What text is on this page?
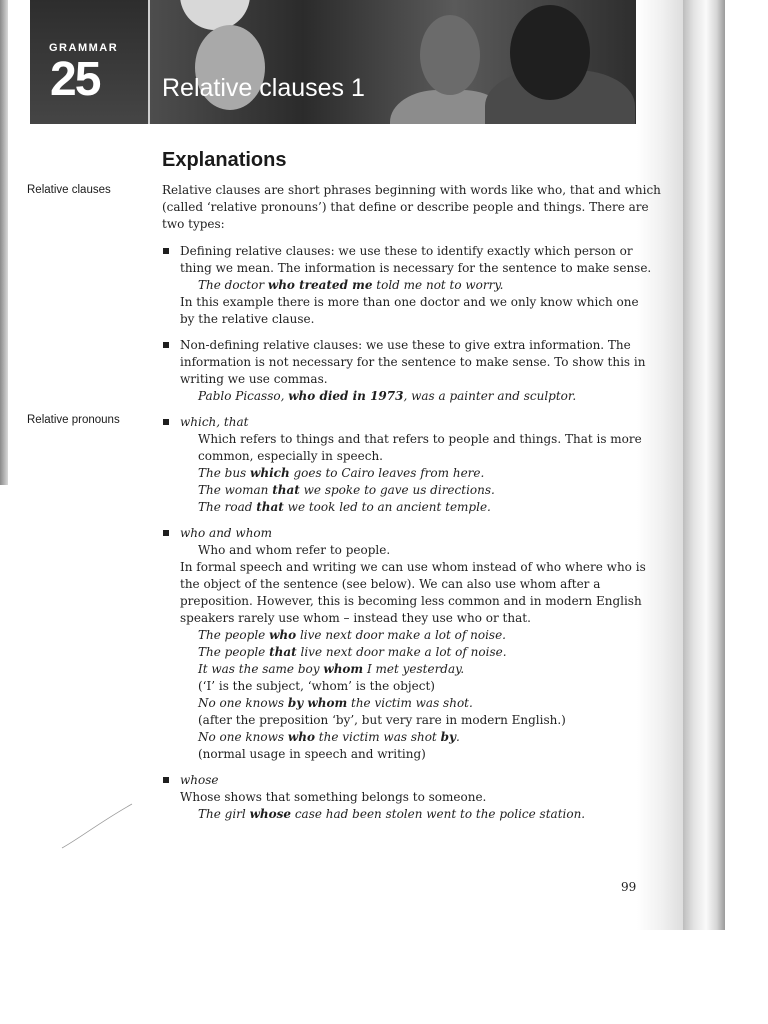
GRAMMAR
25	Relative clauses 1
Explanations
Relative clauses
Relative pronouns
Relative clauses are short phrases beginning with words like who, that and which
(called ‘relative pronouns’) that define or describe people and things. There are
two types:
Defining relative clauses: we use these to identify exactly which person or
thing we mean. The information is necessary for the sentence to make sense.
The doctor who treated me told me not to worry.
In this example there is more than one doctor and we only know which one
by the relative clause.
Non-defining relative clauses: we use these to give extra information. The
information is not necessary for the sentence to make sense. To show this in
writing we use commas.
Pablo Picasso, who died in 1973, was a painter and sculptor.
which, that
Which refers to things and that refers to people and things. That is more
common, especially in speech.
The bus which goes to Cairo leaves from here.
The woman that we spoke to gave us directions.
The road that we took led to an ancient temple.
who and whom
Who and whom refer to people.
In formal speech and writing we can use whom instead of who where who is
the object of the sentence (see below). We can also use whom after a
preposition. However, this is becoming less common and in modern English
speakers rarely use whom – instead they use who or that.
The people who live next door make a lot of noise.
The people that live next door make a lot of noise.
It was the same boy whom I met yesterday.
(‘I’ is the subject, ‘whom’ is the object)
No one knows by whom the victim was shot.
(after the preposition ‘by’, but very rare in modern English.)
No one knows who the victim was shot by.
(normal usage in speech and writing)
whose
Whose shows that something belongs to someone.
The girl whose case had been stolen went to the police station.
99
